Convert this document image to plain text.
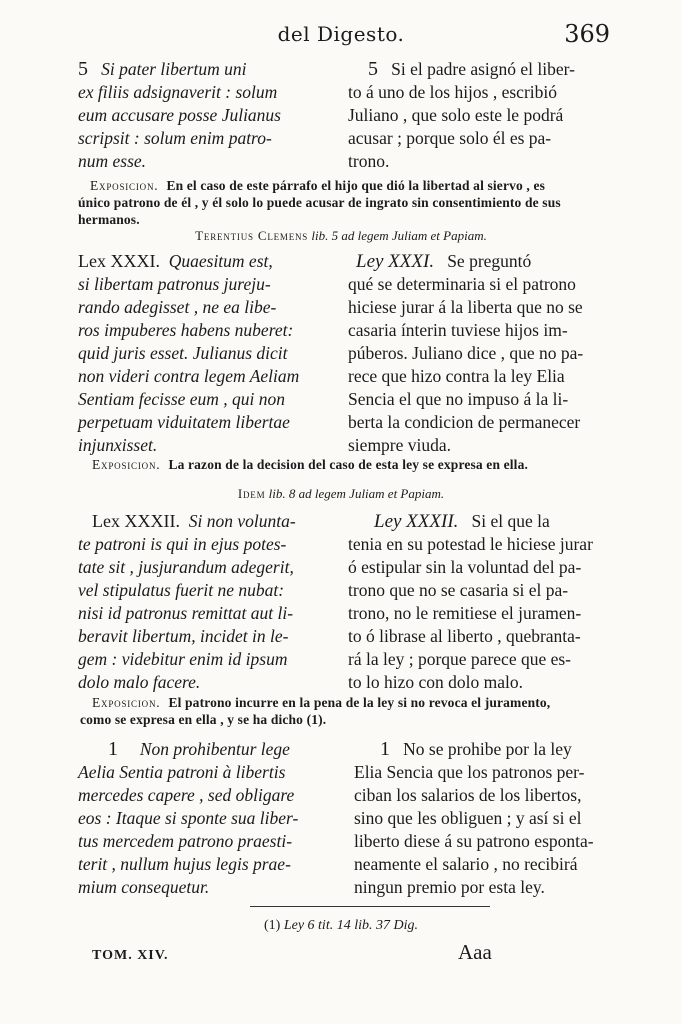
del Digesto.	369
5 Si pater libertum uni
ex filiis adsignaverit : solum
eum accusare posse Julianus
scripsit : solum enim patro-
num esse.
5 Si el padre asignó el liber-
to á uno de los hijos , escribió
Juliano , que solo este le podrá
acusar ; porque solo él es pa-
trono.
Exposicion. En el caso de este párrafo el hijo que dió la libertad al siervo , es
único patrono de él , y él solo lo puede acusar de ingrato sin consentimiento de sus
hermanos.
Terentius Clemens lib. 5 ad legem Juliam et Papiam.
Lex XXXI. Quaesitum est,
si libertam patronus jureju-
rando adegisset , ne ea libe-
ros impuberes habens nuberet:
quid juris esset. Julianus dicit
non videri contra legem Aeliam
Sentiam fecisse eum , qui non
perpetuam viduitatem libertae
injunxisset.
Ley XXXI. Se preguntó
qué se determinaria si el patrono
hiciese jurar á la liberta que no se
casaria ínterin tuviese hijos im-
púberos. Juliano dice , que no pa-
rece que hizo contra la ley Elia
Sencia el que no impuso á la li-
berta la condicion de permanecer
siempre viuda.
Exposicion. La razon de la decision del caso de esta ley se expresa en ella.
Idem lib. 8 ad legem Juliam et Papiam.
Lex XXXII. Si non volunta-
te patroni is qui in ejus potes-
tate sit , jusjurandum adegerit,
vel stipulatus fuerit ne nubat:
nisi id patronus remittat aut li-
beravit libertum, incidet in le-
gem : videbitur enim id ipsum
dolo malo facere.
Ley XXXII. Si el que la
tenia en su potestad le hiciese jurar
ó estipular sin la voluntad del pa-
trono que no se casaria si el pa-
trono, no le remitiese el juramen-
to ó librase al liberto , quebranta-
rá la ley ; porque parece que es-
to lo hizo con dolo malo.
Exposicion. El patrono incurre en la pena de la ley si no revoca el juramento,
como se expresa en ella , y se ha dicho (1).
1 Non prohibentur lege
Aelia Sentia patroni à libertis
mercedes capere , sed obligare
eos : Itaque si sponte sua liber-
tus mercedem patrono praesti-
terit , nullum hujus legis prae-
mium consequetur.
1 No se prohibe por la ley
Elia Sencia que los patronos per-
ciban los salarios de los libertos,
sino que les obliguen ; y así si el
liberto diese á su patrono esponta-
neamente el salario , no recibirá
ningun premio por esta ley.
(1) Ley 6 tit. 14 lib. 37 Dig.
TOM. XIV.	Aaa
